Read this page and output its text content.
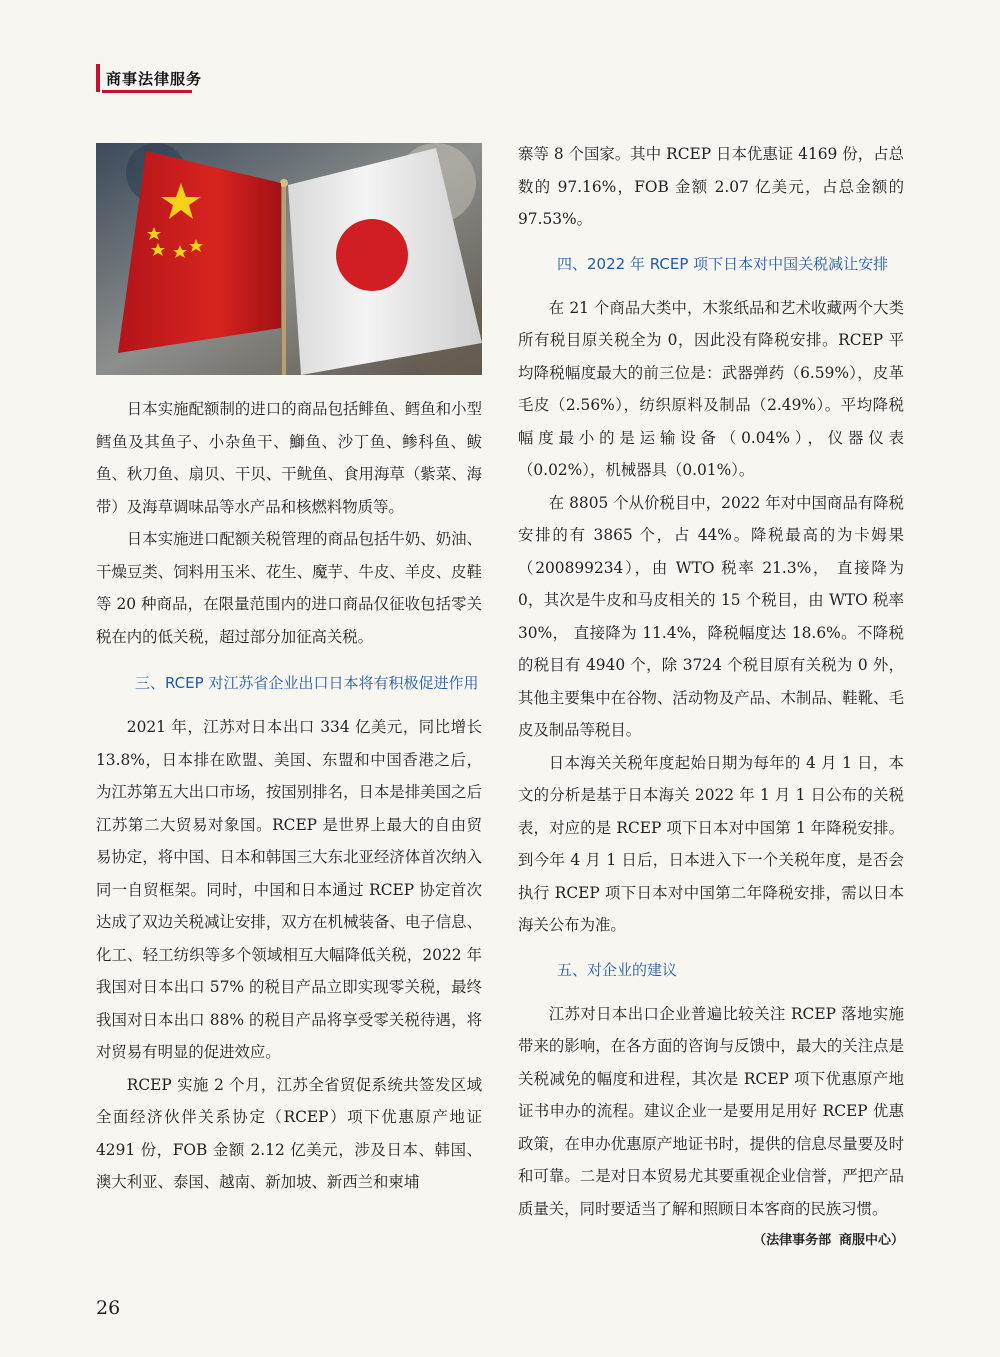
商事法律服务

日本实施配额制的进口的商品包括鲱鱼、鳕鱼和小型鳕鱼及其鱼子、小杂鱼干、鰤鱼、沙丁鱼、鲹科鱼、鲅鱼、秋刀鱼、扇贝、干贝、干鱿鱼、食用海草（紫菜、海带）及海草调味品等水产品和核燃料物质等。

日本实施进口配额关税管理的商品包括牛奶、奶油、干燥豆类、饲料用玉米、花生、魔芋、牛皮、羊皮、皮鞋等 20 种商品，在限量范围内的进口商品仅征收包括零关税在内的低关税，超过部分加征高关税。

三、RCEP 对江苏省企业出口日本将有积极促进作用

2021 年，江苏对日本出口 334 亿美元，同比增长 13.8%，日本排在欧盟、美国、东盟和中国香港之后，为江苏第五大出口市场，按国别排名，日本是排美国之后江苏第二大贸易对象国。RCEP 是世界上最大的自由贸易协定，将中国、日本和韩国三大东北亚经济体首次纳入同一自贸框架。同时，中国和日本通过 RCEP 协定首次达成了双边关税减让安排，双方在机械装备、电子信息、化工、轻工纺织等多个领域相互大幅降低关税，2022 年我国对日本出口 57% 的税目产品立即实现零关税，最终我国对日本出口 88% 的税目产品将享受零关税待遇，将对贸易有明显的促进效应。

RCEP 实施 2 个月，江苏全省贸促系统共签发区域全面经济伙伴关系协定（RCEP）项下优惠原产地证 4291 份，FOB 金额 2.12 亿美元，涉及日本、韩国、澳大利亚、泰国、越南、新加坡、新西兰和柬埔

寨等 8 个国家。其中 RCEP 日本优惠证 4169 份，占总数的 97.16%，FOB 金额 2.07 亿美元，占总金额的 97.53%。

四、2022 年 RCEP 项下日本对中国关税减让安排

在 21 个商品大类中，木浆纸品和艺术收藏两个大类所有税目原关税全为 0，因此没有降税安排。RCEP 平均降税幅度最大的前三位是：武器弹药（6.59%），皮革毛皮（2.56%），纺织原料及制品（2.49%）。平均降税幅度最小的是运输设备（0.04%），仪器仪表（0.02%），机械器具（0.01%）。

在 8805 个从价税目中，2022 年对中国商品有降税安排的有 3865 个，占 44%。降税最高的为卡姆果（200899234），由 WTO 税率 21.3%， 直接降为 0，其次是牛皮和马皮相关的 15 个税目，由 WTO 税率 30%， 直接降为 11.4%，降税幅度达 18.6%。不降税的税目有 4940 个，除 3724 个税目原有关税为 0 外，其他主要集中在谷物、活动物及产品、木制品、鞋靴、毛皮及制品等税目。

日本海关关税年度起始日期为每年的 4 月 1 日，本文的分析是基于日本海关 2022 年 1 月 1 日公布的关税表，对应的是 RCEP 项下日本对中国第 1 年降税安排。到今年 4 月 1 日后，日本进入下一个关税年度，是否会执行 RCEP 项下日本对中国第二年降税安排，需以日本海关公布为准。

五、对企业的建议

江苏对日本出口企业普遍比较关注 RCEP 落地实施带来的影响，在各方面的咨询与反馈中，最大的关注点是关税减免的幅度和进程，其次是 RCEP 项下优惠原产地证书申办的流程。建议企业一是要用足用好 RCEP 优惠政策，在申办优惠原产地证书时，提供的信息尽量要及时和可靠。二是对日本贸易尤其要重视企业信誉，严把产品质量关，同时要适当了解和照顾日本客商的民族习惯。
（法律事务部 商服中心）

26
